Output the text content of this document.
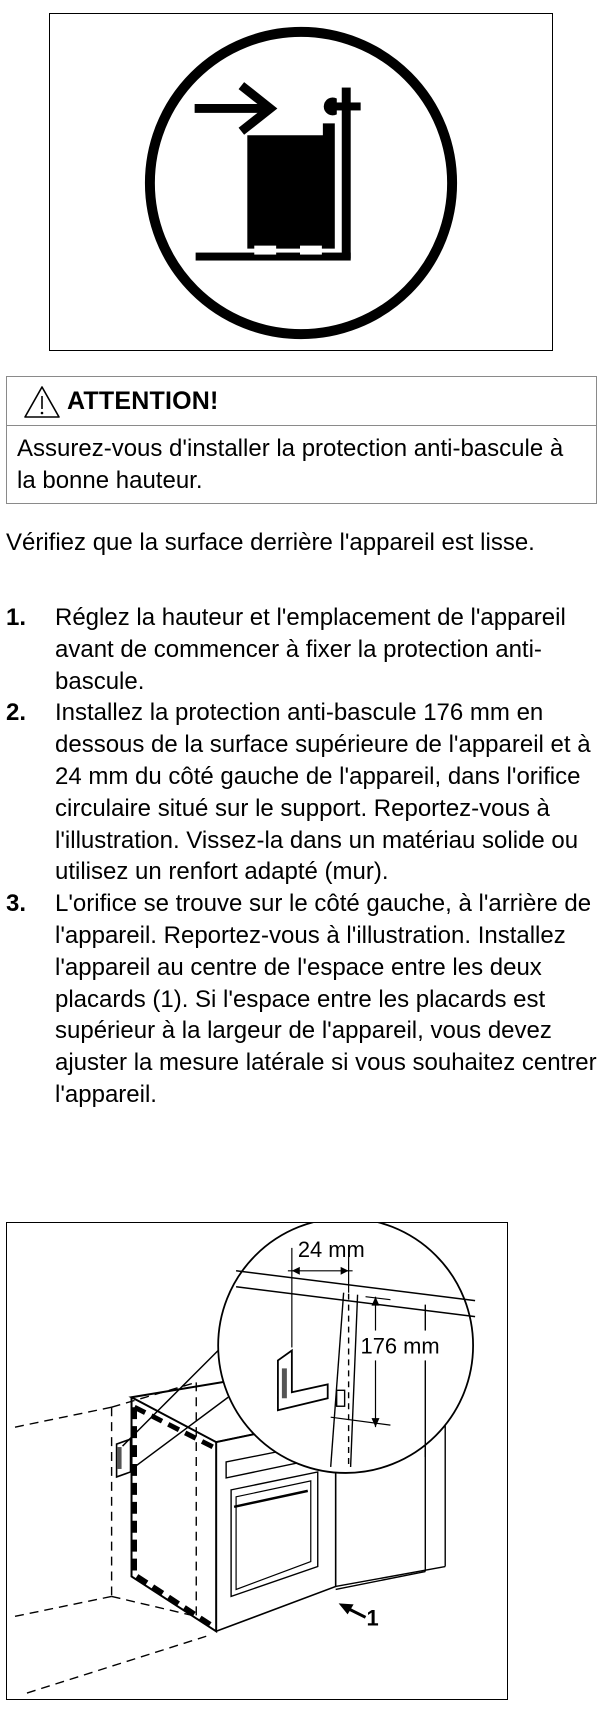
ATTENTION!
Assurez-vous d'installer la protection anti-bascule à la bonne hauteur.
Vérifiez que la surface derrière l'appareil est lisse.
1.	Réglez la hauteur et l'emplacement de l'appareil avant de commencer à fixer la protection anti-bascule.
2.	Installez la protection anti-bascule 176 mm en dessous de la surface supérieure de l'appareil et à 24 mm du côté gauche de l'appareil, dans l'orifice circulaire situé sur le support. Reportez-vous à l'illustration. Vissez-la dans un matériau solide ou utilisez un renfort adapté (mur).
3.	L'orifice se trouve sur le côté gauche, à l'arrière de l'appareil. Reportez-vous à l'illustration. Installez l'appareil au centre de l'espace entre les deux placards (1). Si l'espace entre les placards est supérieur à la largeur de l'appareil, vous devez ajuster la mesure latérale si vous souhaitez centrer l'appareil.
24 mm
176 mm
1
